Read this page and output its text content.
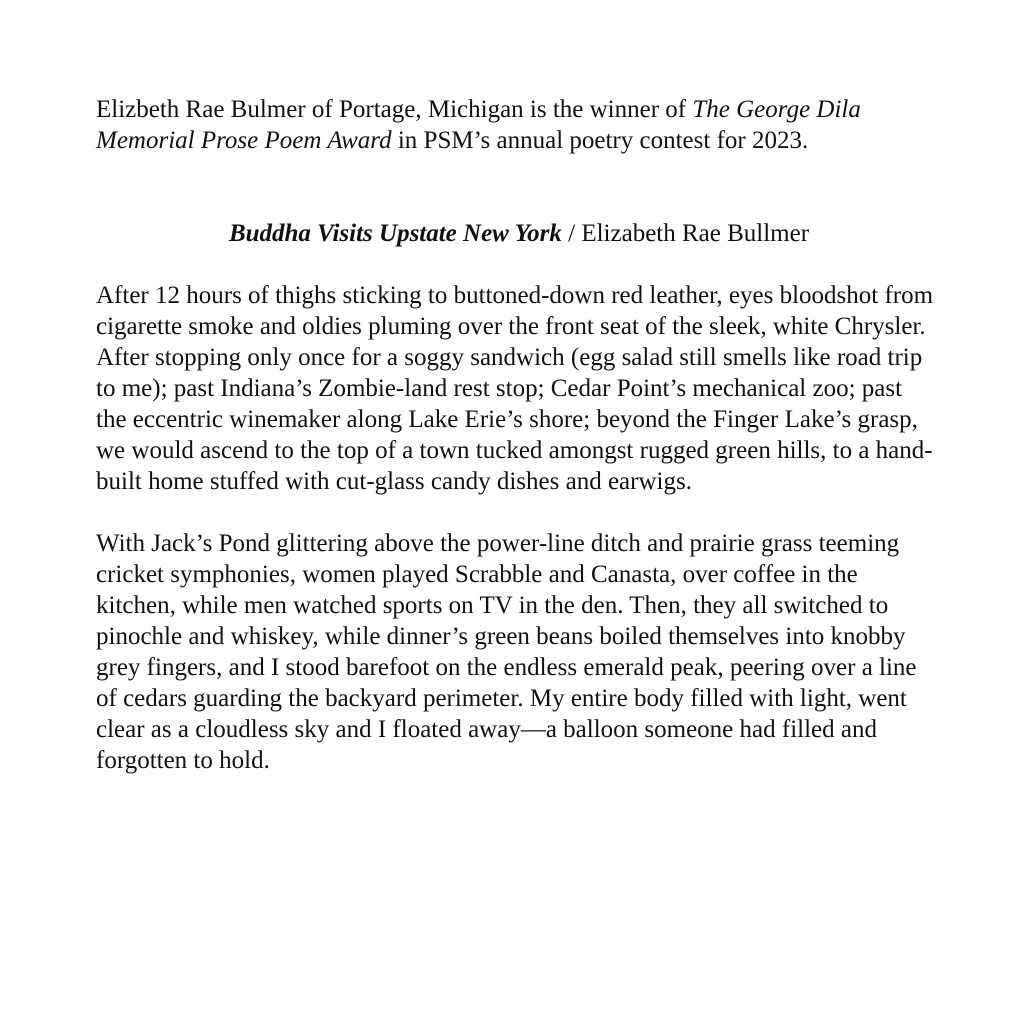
Elizbeth Rae Bulmer of Portage, Michigan is the winner of The George Dila Memorial Prose Poem Award in PSM’s annual poetry contest for 2023.

Buddha Visits Upstate New York / Elizabeth Rae Bullmer

After 12 hours of thighs sticking to buttoned-down red leather, eyes bloodshot from cigarette smoke and oldies pluming over the front seat of the sleek, white Chrysler. After stopping only once for a soggy sandwich (egg salad still smells like road trip to me); past Indiana’s Zombie-land rest stop; Cedar Point’s mechanical zoo; past the eccentric winemaker along Lake Erie’s shore; beyond the Finger Lake’s grasp, we would ascend to the top of a town tucked amongst rugged green hills, to a hand-built home stuffed with cut-glass candy dishes and earwigs.

With Jack’s Pond glittering above the power-line ditch and prairie grass teeming cricket symphonies, women played Scrabble and Canasta, over coffee in the kitchen, while men watched sports on TV in the den. Then, they all switched to pinochle and whiskey, while dinner’s green beans boiled themselves into knobby grey fingers, and I stood barefoot on the endless emerald peak, peering over a line of cedars guarding the backyard perimeter. My entire body filled with light, went clear as a cloudless sky and I floated away—a balloon someone had filled and forgotten to hold.
